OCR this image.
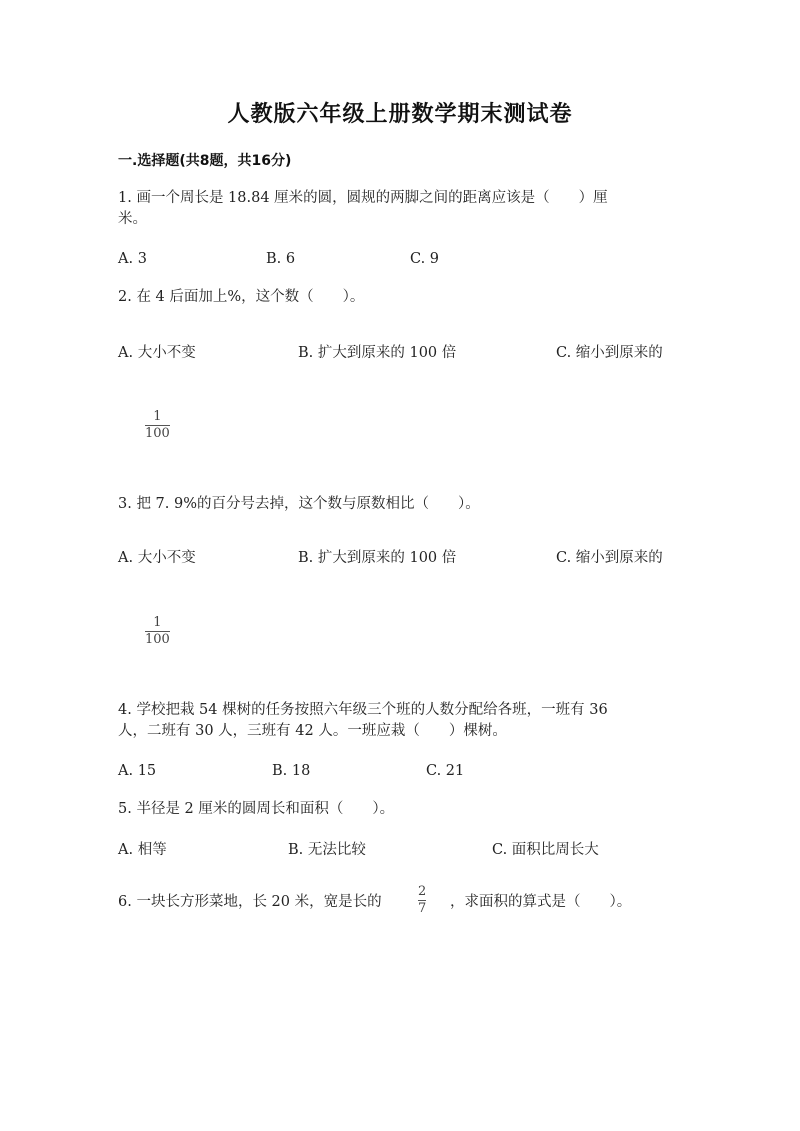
人教版六年级上册数学期末测试卷
一.选择题(共8题，共16分)
1. 画一个周长是 18.84 厘米的圆，圆规的两脚之间的距离应该是（　　）厘
米。
A. 3	B. 6	C. 9
2. 在 4 后面加上%，这个数（　　）。
A. 大小不变	B. 扩大到原来的 100 倍	C. 缩小到原来的
1
100
3. 把 7. 9%的百分号去掉，这个数与原数相比（　　）。
A. 大小不变	B. 扩大到原来的 100 倍	C. 缩小到原来的
1
100
4. 学校把栽 54 棵树的任务按照六年级三个班的人数分配给各班，一班有 36
人，二班有 30 人，三班有 42 人。一班应栽（　　）棵树。
A. 15	B. 18	C. 21
5. 半径是 2 厘米的圆周长和面积（　　）。
A. 相等	B. 无法比较	C. 面积比周长大
6. 一块长方形菜地，长 20 米，宽是长的
2
7 ，求面积的算式是（　　）。
